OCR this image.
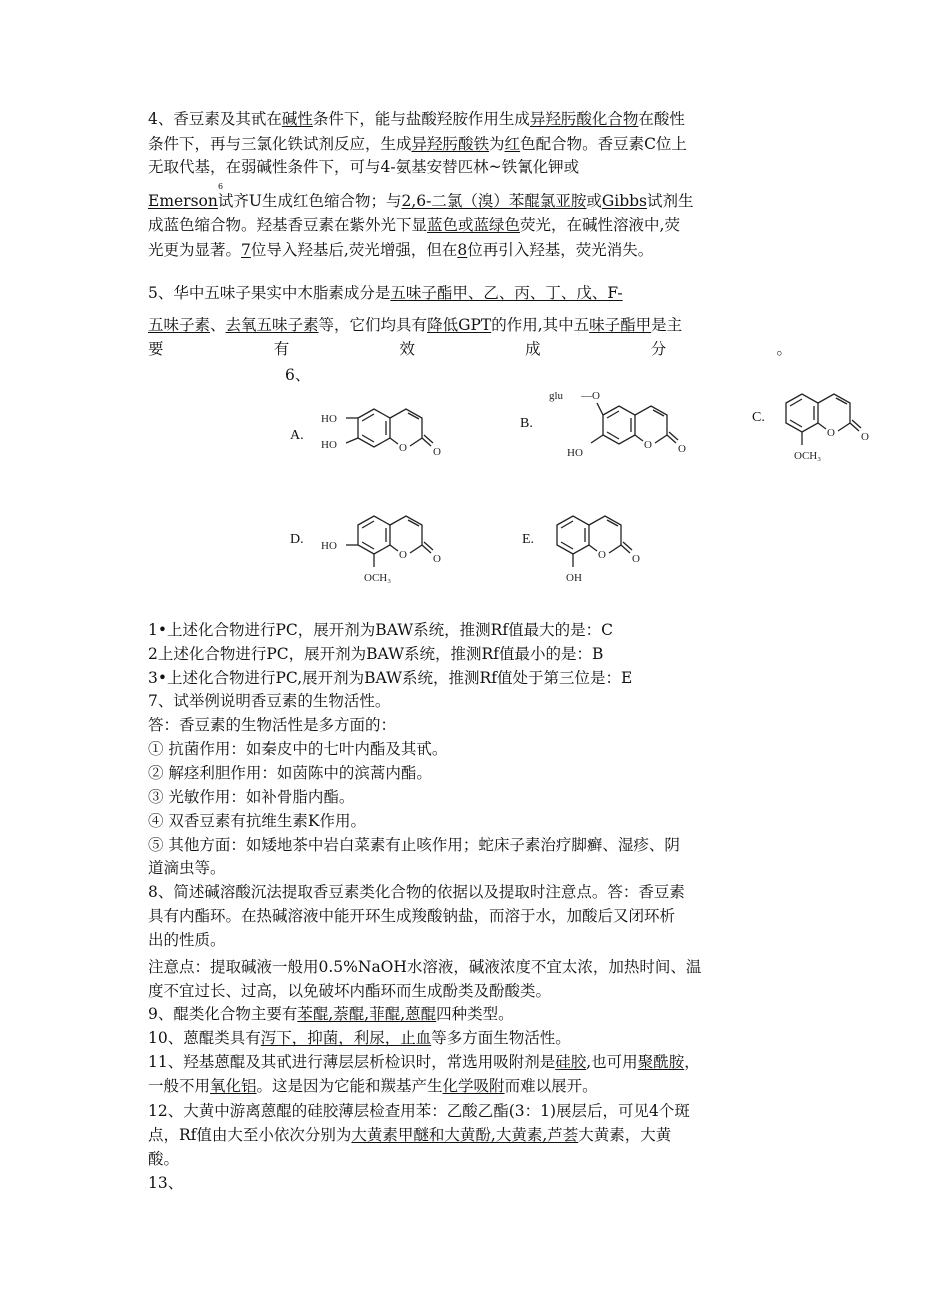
4、香豆素及其甙在碱性条件下，能与盐酸羟胺作用生成异羟肟酸化合物在酸性
条件下，再与三氯化铁试剂反应，生成异羟肟酸铁为红色配合物。香豆素C位上
无取代基，在弱碱性条件下，可与4-氨基安替匹林~铁氰化钾或
6
Emerson试齐U生成红色缩合物；与2,6-二氯（溴）苯醌氯亚胺或Gibbs试剂生
成蓝色缩合物。羟基香豆素在紫外光下显蓝色或蓝绿色荧光，在碱性溶液中,荧
光更为显著。7位导入羟基后,荧光增强，但在8位再引入羟基，荧光消失。
5、华中五味子果实中木脂素成分是五味子酯甲、乙、丙、丁、戊、F-
五味子素、去氧五味子素等，它们均具有降低GPT的作用,其中五味子酯甲是主
要	有	效	成	分	。
6、
A.
B.	C.
D.	E.
HO
HO	O O
glu —O
HO
O O
O O
OCH₃
HO
O O
OCH₃
O O
OH
1•上述化合物进行PC，展开剂为BAW系统，推测Rf值最大的是：C
2上述化合物进行PC，展开剂为BAW系统，推测Rf值最小的是：B
3•上述化合物进行PC,展开剂为BAW系统，推测Rf值处于第三位是：E
7、试举例说明香豆素的生物活性。
答：香豆素的生物活性是多方面的：
① 抗菌作用：如秦皮中的七叶内酯及其甙。
② 解痉利胆作用：如茵陈中的滨蒿内酯。
③ 光敏作用：如补骨脂内酯。
④ 双香豆素有抗维生素K作用。
⑤ 其他方面：如矮地茶中岩白菜素有止咳作用；蛇床子素治疗脚癣、湿疹、阴
道滴虫等。
8、简述碱溶酸沉法提取香豆素类化合物的依据以及提取时注意点。答：香豆素
具有内酯环。在热碱溶液中能开环生成羧酸钠盐，而溶于水，加酸后又闭环析
出的性质。
注意点：提取碱液一般用0.5%NaOH水溶液，碱液浓度不宜太浓，加热时间、温
度不宜过长、过高，以免破坏内酯环而生成酚类及酚酸类。
9、醌类化合物主要有苯醌,萘醌,菲醌,蒽醌四种类型。
10、蒽醌类具有泻下，抑菌，利尿，止血等多方面生物活性。
11、羟基蒽醌及其甙进行薄层层析检识时，常选用吸附剂是硅胶,也可用聚酰胺，
一般不用氧化铝。这是因为它能和羰基产生化学吸附而难以展开。
12、大黄中游离蒽醌的硅胶薄层检查用苯：乙酸乙酯(3：1)展层后，可见4个斑
点，Rf值由大至小依次分别为大黄素甲醚和大黄酚,大黄素,芦荟大黄素，大黄
酸。
13、
